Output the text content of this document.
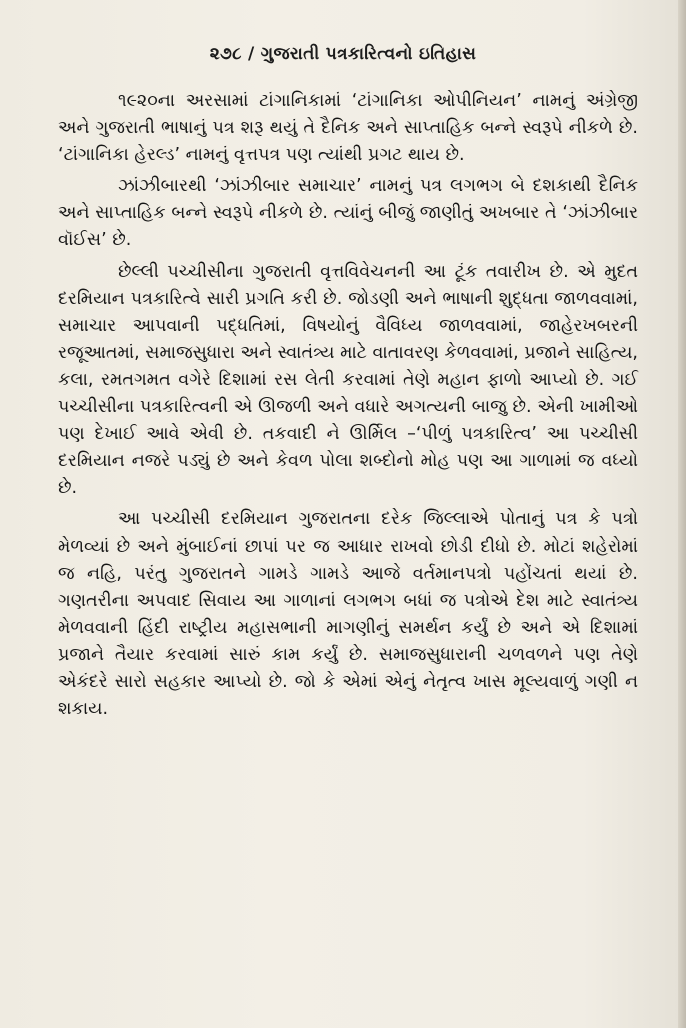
૨૭૮ / ગુજરાતી પત્રકારિત્વનો ઇતિહાસ

૧૯૨૦ના અરસામાં ટાંગાનિકામાં ‘ટાંગાનિકા ઓપીનિયન’ નામનું અંગ્રેજી અને ગુજરાતી ભાષાનું પત્ર શરૂ થયું તે દૈનિક અને સાપ્તાહિક બન્ને સ્વરૂપે નીકળે છે. ‘ટાંગાનિકા હેરલ્ડ’ નામનું વૃત્તપત્ર પણ ત્યાંથી પ્રગટ થાય છે.

ઝાંઝીબારથી ‘ઝાંઝીબાર સમાચાર’ નામનું પત્ર લગભગ બે દશકાથી દૈનિક અને સાપ્તાહિક બન્ને સ્વરૂપે નીકળે છે. ત્યાંનું બીજું જાણીતું અખબાર તે ‘ઝાંઝીબાર વૉઈસ’ છે.

છેલ્લી પચ્ચીસીના ગુજરાતી વૃત્તવિવેચનની આ ટૂંક તવારીખ છે. એ મુદત દરમિયાન પત્રકારિત્વે સારી પ્રગતિ કરી છે. જોડણી અને ભાષાની શુદ્ધતા જાળવવામાં, સમાચાર આપવાની પદ્ધતિમાં, વિષયોનું વૈવિધ્ય જાળવવામાં, જાહેરખબરની રજૂઆતમાં, સમાજસુધારા અને સ્વાતંત્ર્ય માટે વાતાવરણ કેળવવામાં, પ્રજાને સાહિત્ય, કલા, રમતગમત વગેરે દિશામાં રસ લેતી કરવામાં તેણે મહાન ફાળો આપ્યો છે. ગઈ પચ્ચીસીના પત્રકારિત્વની એ ઊજળી અને વધારે અગત્યની બાજુ છે. એની ખામીઓ પણ દેખાઈ આવે એવી છે. તકવાદી ને ઊર્મિલ –‘પીળું પત્રકારિત્વ’ આ પચ્ચીસી દરમિયાન નજરે પડ્યું છે અને કેવળ પોલા શબ્દોનો મોહ પણ આ ગાળામાં જ વધ્યો છે.

આ પચ્ચીસી દરમિયાન ગુજરાતના દરેક જિલ્લાએ પોતાનું પત્ર કે પત્રો મેળવ્યાં છે અને મુંબાઈનાં છાપાં પર જ આધાર રાખવો છોડી દીધો છે. મોટાં શહેરોમાં જ નહિ, પરંતુ ગુજરાતને ગામડે ગામડે આજે વર્તમાનપત્રો પહોંચતાં થયાં છે. ગણતરીના અપવાદ સિવાય આ ગાળાનાં લગભગ બધાં જ પત્રોએ દેશ માટે સ્વાતંત્ર્ય મેળવવાની હિંદી રાષ્ટ્રીય મહાસભાની માગણીનું સમર્થન કર્યું છે અને એ દિશામાં પ્રજાને તૈયાર કરવામાં સારું કામ કર્યું છે. સમાજસુધારાની ચળવળને પણ તેણે એકંદરે સારો સહકાર આપ્યો છે. જો કે એમાં એનું નેતૃત્વ ખાસ મૂલ્યવાળું ગણી ન શકાય.
